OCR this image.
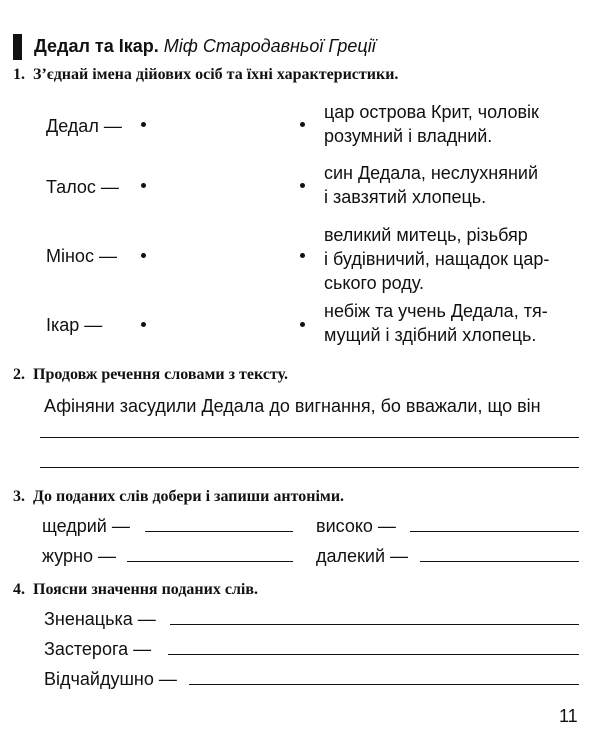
Дедал та Ікар. Міф Стародавньої Греції
1. З’єднай імена дійових осіб та їхні характеристики.
Дедал —
Талос —
Мінос —
Ікар —
цар острова Крит, чоловік
розумний і владний.
син Дедала, неслухняний
і завзятий хлопець.
великий митець, різьбяр
і будівничий, нащадок цар-
ського роду.
небіж та учень Дедала, тя-
мущий і здібний хлопець.
2. Продовж речення словами з тексту.
Афіняни засудили Дедала до вигнання, бо вважали, що він
3. До поданих слів добери і запиши антоніми.
щедрий —	високо —
журно —	далекий —
4. Поясни значення поданих слів.
Зненацька —
Застерога —
Відчайдушно —
11
